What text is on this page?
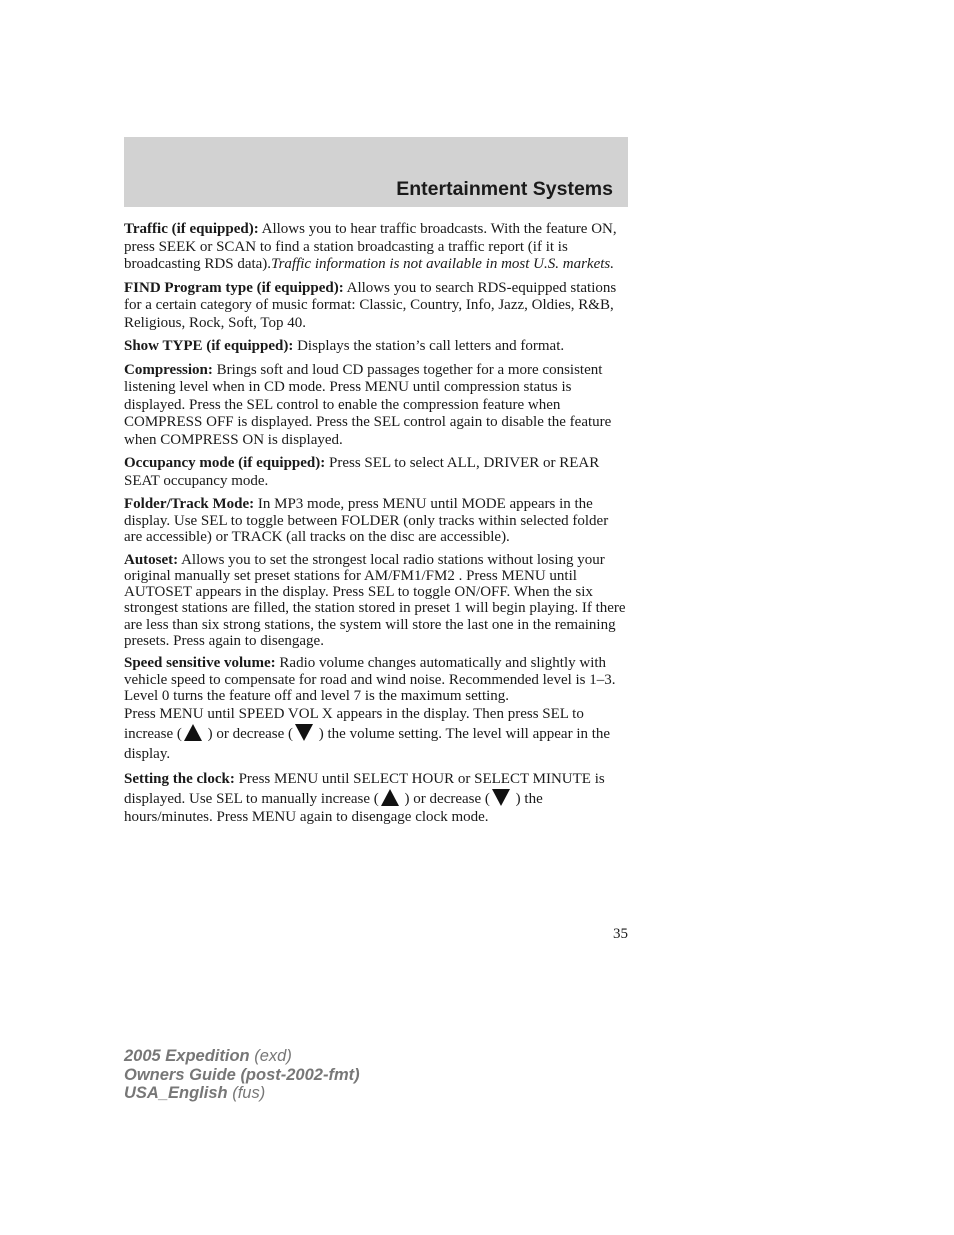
Entertainment Systems

Traffic (if equipped): Allows you to hear traffic broadcasts. With the feature ON, press SEEK or SCAN to find a station broadcasting a traffic report (if it is broadcasting RDS data).Traffic information is not available in most U.S. markets.

FIND Program type (if equipped): Allows you to search RDS-equipped stations for a certain category of music format: Classic, Country, Info, Jazz, Oldies, R&B, Religious, Rock, Soft, Top 40.

Show TYPE (if equipped): Displays the station’s call letters and format.

Compression: Brings soft and loud CD passages together for a more consistent listening level when in CD mode. Press MENU until compression status is displayed. Press the SEL control to enable the compression feature when COMPRESS OFF is displayed. Press the SEL control again to disable the feature when COMPRESS ON is displayed.

Occupancy mode (if equipped): Press SEL to select ALL, DRIVER or REAR SEAT occupancy mode.

Folder/Track Mode: In MP3 mode, press MENU until MODE appears in the display. Use SEL to toggle between FOLDER (only tracks within selected folder are accessible) or TRACK (all tracks on the disc are accessible).

Autoset: Allows you to set the strongest local radio stations without losing your original manually set preset stations for AM/FM1/FM2 . Press MENU until AUTOSET appears in the display. Press SEL to toggle ON/OFF. When the six strongest stations are filled, the station stored in preset 1 will begin playing. If there are less than six strong stations, the system will store the last one in the remaining presets. Press again to disengage.

Speed sensitive volume: Radio volume changes automatically and slightly with vehicle speed to compensate for road and wind noise. Recommended level is 1–3. Level 0 turns the feature off and level 7 is the maximum setting.

Press MENU until SPEED VOL X appears in the display. Then press SEL to increase ( ) or decrease ( ) the volume setting. The level will appear in the display.

Setting the clock: Press MENU until SELECT HOUR or SELECT MINUTE is displayed. Use SEL to manually increase ( ) or decrease ( ) the hours/minutes. Press MENU again to disengage clock mode.

35
2005 Expedition (exd)
Owners Guide (post-2002-fmt)
USA_English (fus)
